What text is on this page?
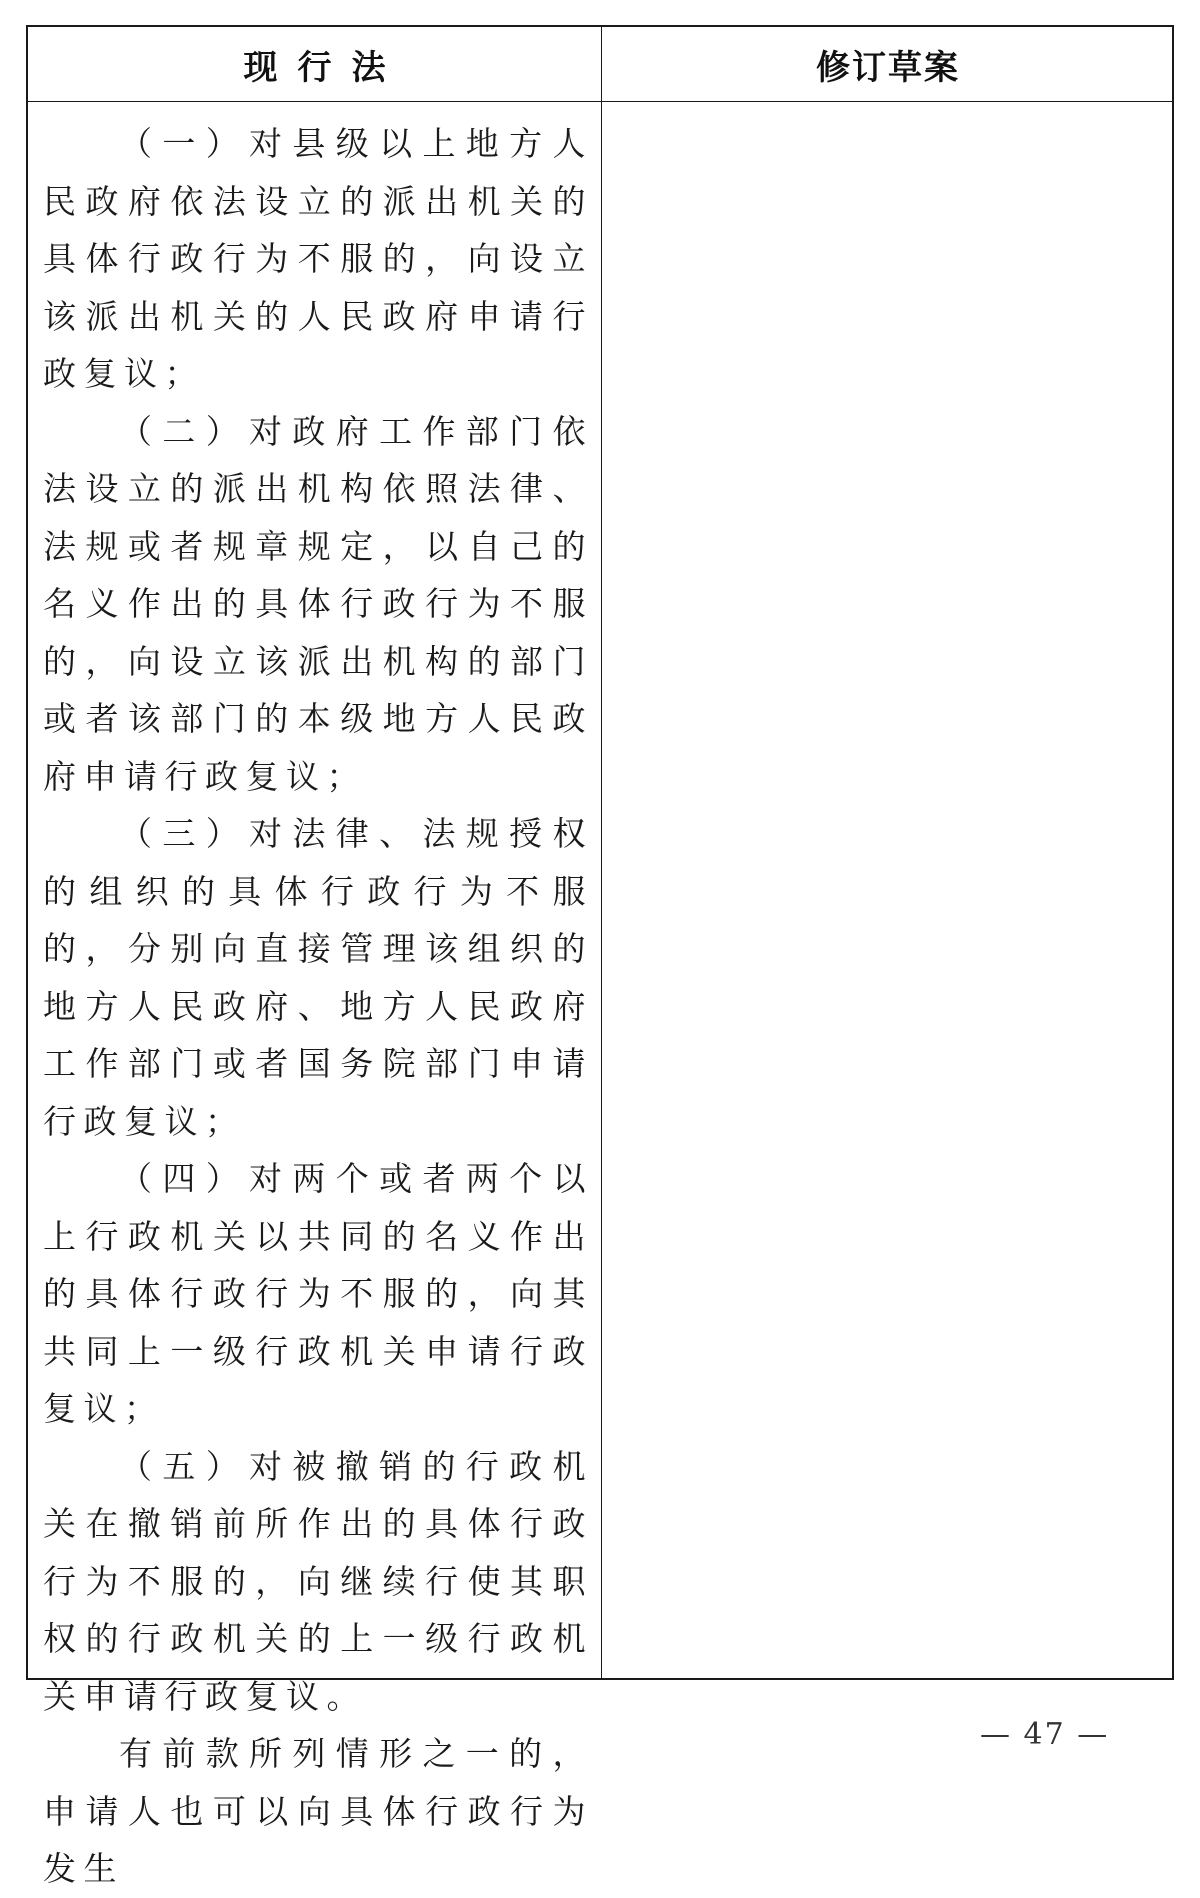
现行法	修订草案

（一）对县级以上地方人民政府依法设立的派出机关的具体行政行为不服的，向设立该派出机关的人民政府申请行政复议；

（二）对政府工作部门依法设立的派出机构依照法律、法规或者规章规定，以自己的名义作出的具体行政行为不服的，向设立该派出机构的部门或者该部门的本级地方人民政府申请行政复议；

（三）对法律、法规授权的组织的具体行政行为不服的，分别向直接管理该组织的地方人民政府、地方人民政府工作部门或者国务院部门申请行政复议；

（四）对两个或者两个以上行政机关以共同的名义作出的具体行政行为不服的，向其共同上一级行政机关申请行政复议；

（五）对被撤销的行政机关在撤销前所作出的具体行政行为不服的，向继续行使其职权的行政机关的上一级行政机关申请行政复议。

有前款所列情形之一的，申请人也可以向具体行政行为发生

— 47 —
